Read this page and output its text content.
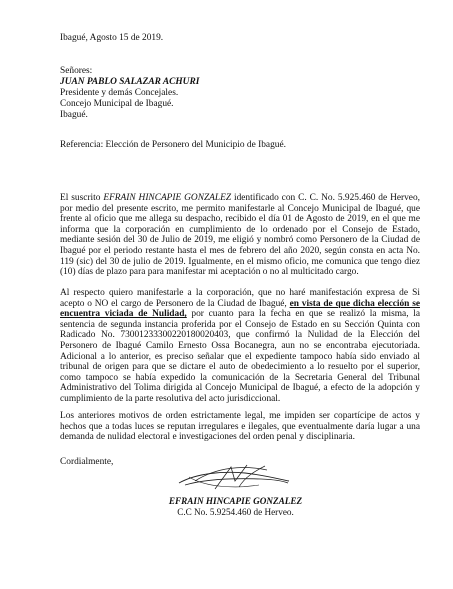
Ibagué, Agosto 15 de 2019.
Señores:
JUAN PABLO SALAZAR ACHURI
Presidente y demás Concejales.
Concejo Municipal de Ibagué.
Ibagué.
Referencia: Elección de Personero del Municipio de Ibagué.
El suscrito EFRAIN HINCAPIE GONZALEZ identificado con C. C. No. 5.925.460 de Herveo, por medio del presente escrito, me permito manifestarle al Concejo Municipal de Ibagué, que frente al oficio que me allega su despacho, recibido el día 01 de Agosto de 2019, en el que me informa que la corporación en cumplimiento de lo ordenado por el Consejo de Estado, mediante sesión del 30 de Julio de 2019, me eligió y nombró como Personero de la Ciudad de Ibagué por el periodo restante hasta el mes de febrero del año 2020, según consta en acta No. 119 (sic) del 30 de julio de 2019. Igualmente, en el mismo oficio, me comunica que tengo diez (10) días de plazo para para manifestar mi aceptación o no al multicitado cargo.
Al respecto quiero manifestarle a la corporación, que no haré manifestación expresa de Si acepto o NO el cargo de Personero de la Ciudad de Ibagué, en vista de que dicha elección se encuentra viciada de Nulidad, por cuanto para la fecha en que se realizó la misma, la sentencia de segunda instancia proferida por el Consejo de Estado en su Sección Quinta con Radicado No. 73001233300220180020403, que confirmó la Nulidad de la Elección del Personero de Ibagué Camilo Ernesto Ossa Bocanegra, aun no se encontraba ejecutoriada. Adicional a lo anterior, es preciso señalar que el expediente tampoco había sido enviado al tribunal de origen para que se dictare el auto de obedecimiento a lo resuelto por el superior, como tampoco se había expedido la comunicación de la Secretaria General del Tribunal Administrativo del Tolima dirigida al Concejo Municipal de Ibagué, a efecto de la adopción y cumplimiento de la parte resolutiva del acto jurisdiccional.
Los anteriores motivos de orden estrictamente legal, me impiden ser copartícipe de actos y hechos que a todas luces se reputan irregulares e ilegales, que eventualmente daría lugar a una demanda de nulidad electoral e investigaciones del orden penal y disciplinaria.
Cordialmente,
EFRAIN HINCAPIE GONZALEZ
C.C No. 5.9254.460 de Herveo.
